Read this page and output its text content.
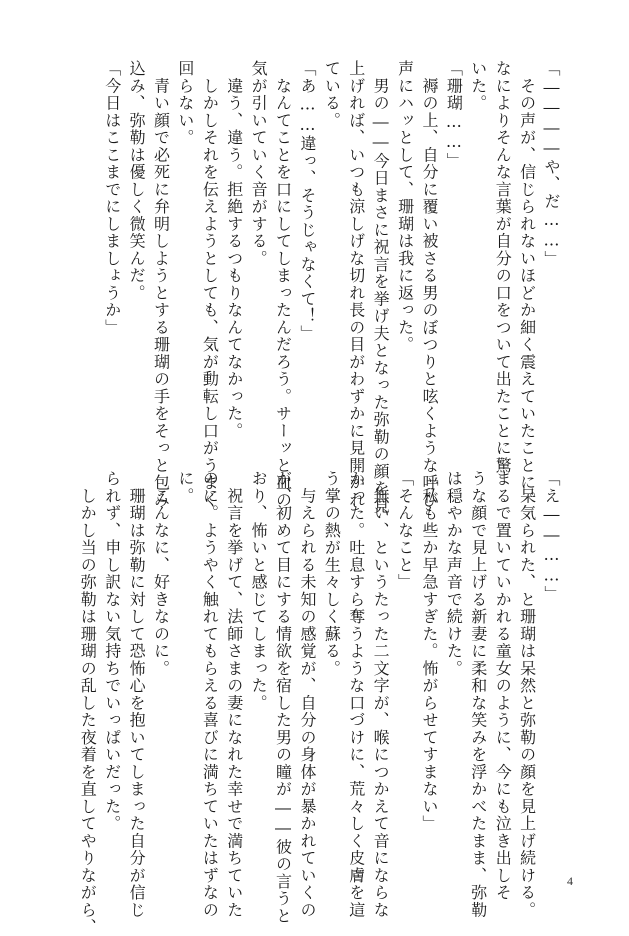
「――――や、だ……」

　その声が、信じられないほどか細く震えていたことに。

なによりそんな言葉が自分の口をついて出たことに驚

いた。

「珊瑚……」

　褥の上、自分に覆い被さる男のぼつりと呟くような呼び

声にハッとして、珊瑚は我に返った。

　男の――今日まさに祝言を挙げ夫となった弥勒の顔を見

上げれば、いつも涼しげな切れ長の目がわずかに見開かれ

ている。

「あ……違っ、そうじゃなくて！」

　なんてことを口にしてしまったんだろう。サーッと血の

気が引いていく音がする。

　違う、違う。拒絶するつもりなんてなかった。

　しかしそれを伝えようとしても、気が動転し口がうまく

回らない。

　青い顔で必死に弁明しようとする珊瑚の手をそっと包み

込み、弥勒は優しく微笑んだ。

「今日はここまでにしましょうか」

「え――……」

　呆気られた、と珊瑚は呆然と弥勒の顔を見上げ続ける。

まるで置いていかれる童女のように、今にも泣き出しそ

うな顔で見上げる新妻に柔和な笑みを浮かべたまま、弥勒

は穏やかな声音で続けた。

「私も些か早急すぎた。怖がらせてすまない」

「そんなこと」

　無い、というたった二文字が、喉につかえて音にならな

かった。吐息すら奪うような口づけに、荒々しく皮膚を這

う掌の熱が生々しく蘇る。

　与えられる未知の感覚が、自分の身体が暴かれていくの

が、初めて目にする情欲を宿した男の瞳が――彼の言うと

おり、怖いと感じてしまった。

　祝言を挙げて、法師さまの妻になれた幸せで満ちていた

のに。ようやく触れてもらえる喜びに満ちていたはずなの

に。

　こんなに、好きなのに。

　珊瑚は弥勒に対して恐怖心を抱いてしまった自分が信じ

られず、申し訳ない気持ちでいっぱいだった。

　しかし当の弥勒は珊瑚の乱した夜着を直してやりながら、	4
